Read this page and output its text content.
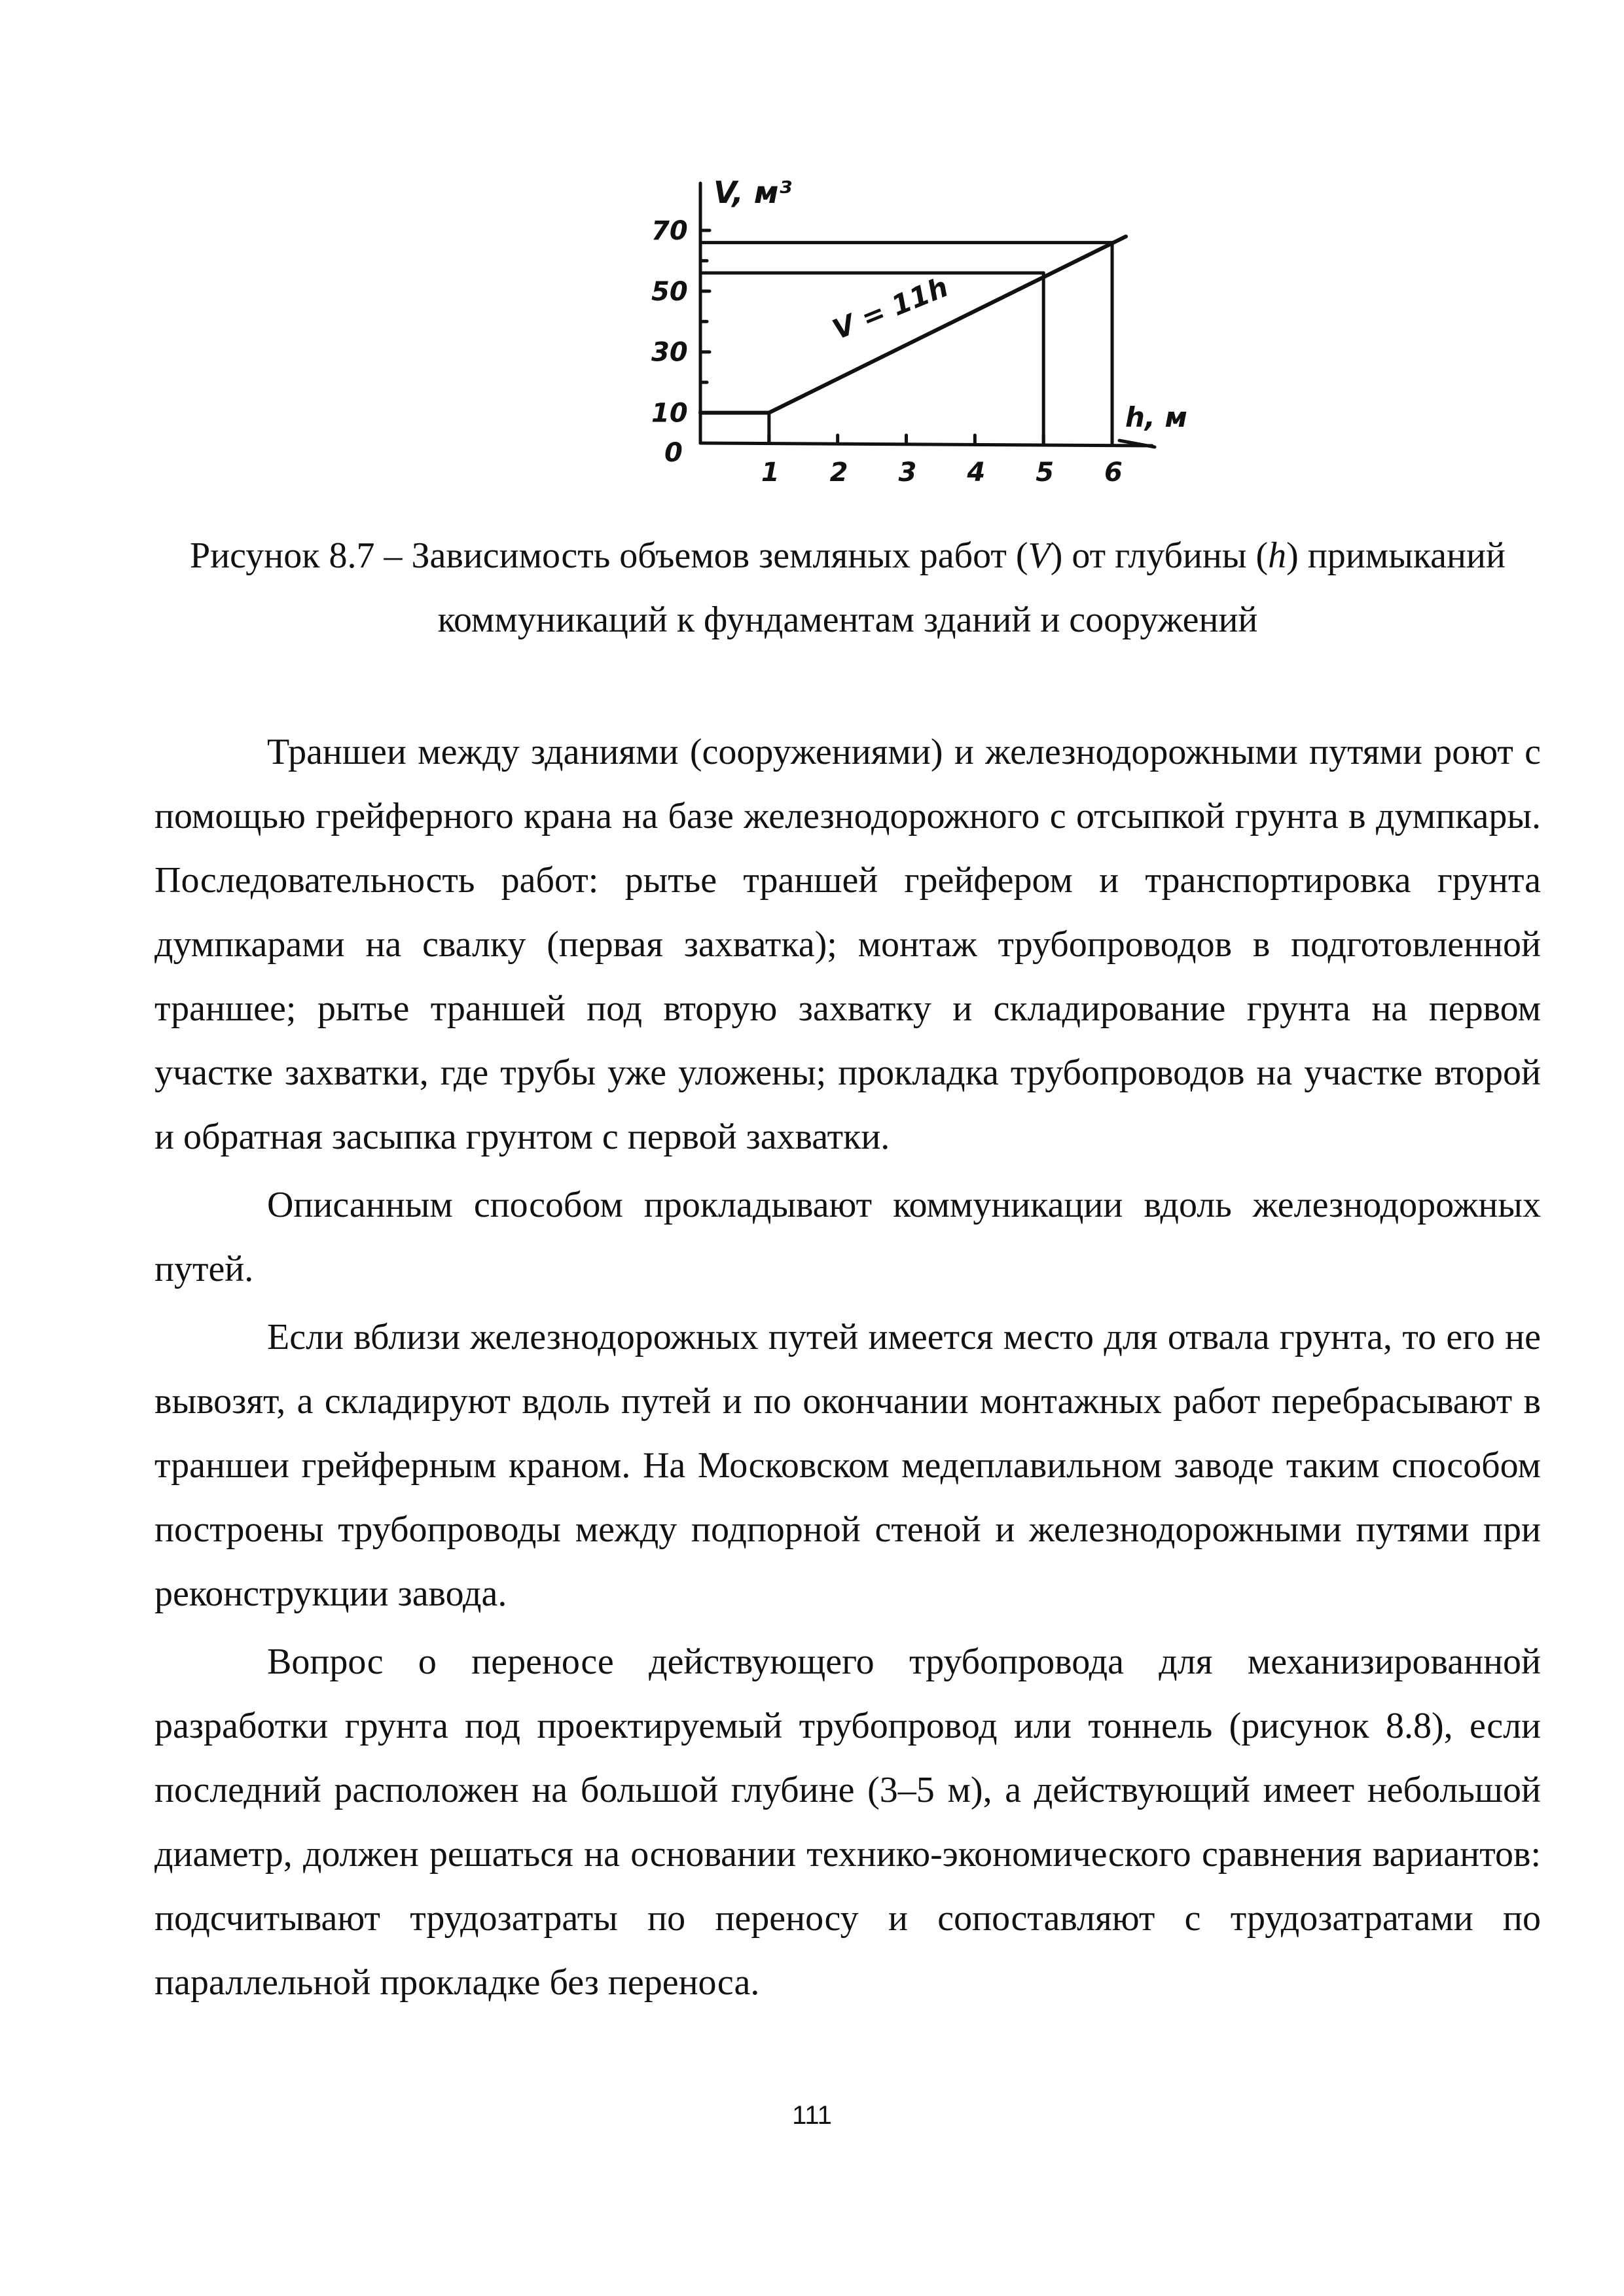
10
30
50
70
1 2 3 4 5 6
0
V, м³
h, м
V = 11h
Рисунок 8.7 – Зависимость объемов земляных работ (V) от глубины (h) примыканий коммуникаций к фундаментам зданий и сооружений

Траншеи между зданиями (сооружениями) и железнодорожными путями роют с помощью грейферного крана на базе железнодорожного с отсыпкой грунта в думпкары. Последовательность работ: рытье траншей грейфером и транспортировка грунта думпкарами на свалку (первая захватка); монтаж трубопроводов в подготовленной траншее; рытье траншей под вторую захватку и складирование грунта на первом участке захватки, где трубы уже уложены; прокладка трубопроводов на участке второй и обратная засыпка грунтом с первой захватки.

Описанным способом прокладывают коммуникации вдоль железнодорожных путей.

Если вблизи железнодорожных путей имеется место для отвала грунта, то его не вывозят, а складируют вдоль путей и по окончании монтажных работ перебрасывают в траншеи грейферным краном. На Московском медеплавильном заводе таким способом построены трубопроводы между подпорной стеной и железнодорожными путями при реконструкции завода.

Вопрос о переносе действующего трубопровода для механизированной разработки грунта под проектируемый трубопровод или тоннель (рисунок 8.8), если последний расположен на большой глубине (3–5 м), а действующий имеет небольшой диаметр, должен решаться на основании технико-экономического сравнения вариантов: подсчитывают трудозатраты по переносу и сопоставляют с трудозатратами по параллельной прокладке без переноса.

111
